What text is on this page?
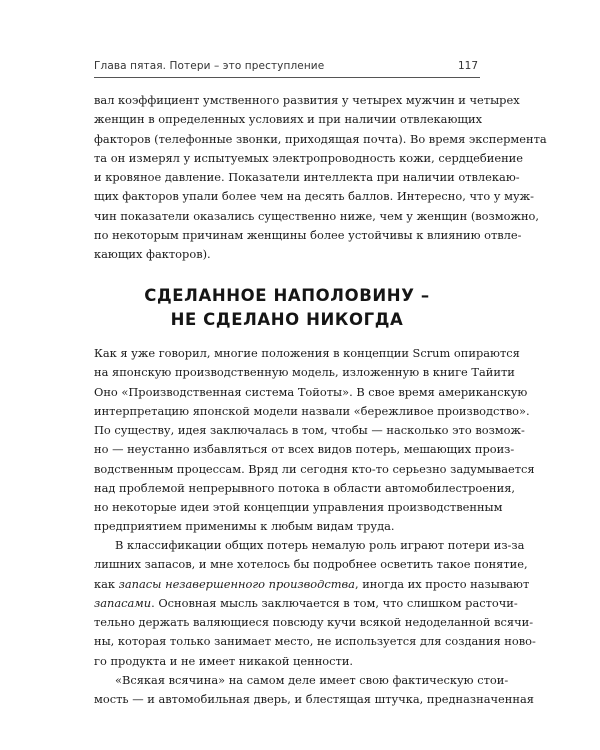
Глава пятая. Потери – это преступление	117

вал коэффициент умственного развития у четырех мужчин и четырех
женщин в определенных условиях и при наличии отвлекающих
факторов (телефонные звонки, приходящая почта). Во время экспермента
та он измерял у испытуемых электропроводность кожи, сердцебиение
и кровяное давление. Показатели интеллекта при наличии отвлекаю-
щих факторов упали более чем на десять баллов. Интересно, что у муж-
чин показатели оказались существенно ниже, чем у женщин (возможно,
по некоторым причинам женщины более устойчивы к влиянию отвле-
кающих факторов).

СДЕЛАННОЕ НАПОЛОВИНУ –
НЕ СДЕЛАНО НИКОГДА

Как я уже говорил, многие положения в концепции Scrum опираются
на японскую производственную модель, изложенную в книге Тайити
Оно «Производственная система Тойоты». В свое время американскую
интерпретацию японской модели назвали «бережливое производство».
По существу, идея заключалась в том, чтобы — насколько это возмож-
но — неустанно избавляться от всех видов потерь, мешающих произ-
водственным процессам. Вряд ли сегодня кто-то серьезно задумывается
над проблемой непрерывного потока в области автомобилестроения,
но некоторые идеи этой концепции управления производственным
предприятием применимы к любым видам труда.

В классификации общих потерь немалую роль играют потери из-за
лишних запасов, и мне хотелось бы подробнее осветить такое понятие,
как запасы незавершенного производства, иногда их просто называют
запасами. Основная мысль заключается в том, что слишком расточи-
тельно держать валяющиеся повсюду кучи всякой недоделанной всячи-
ны, которая только занимает место, не используется для создания ново-
го продукта и не имеет никакой ценности.

«Всякая всячина» на самом деле имеет свою фактическую стои-
мость — и автомобильная дверь, и блестящая штучка, предназначенная
